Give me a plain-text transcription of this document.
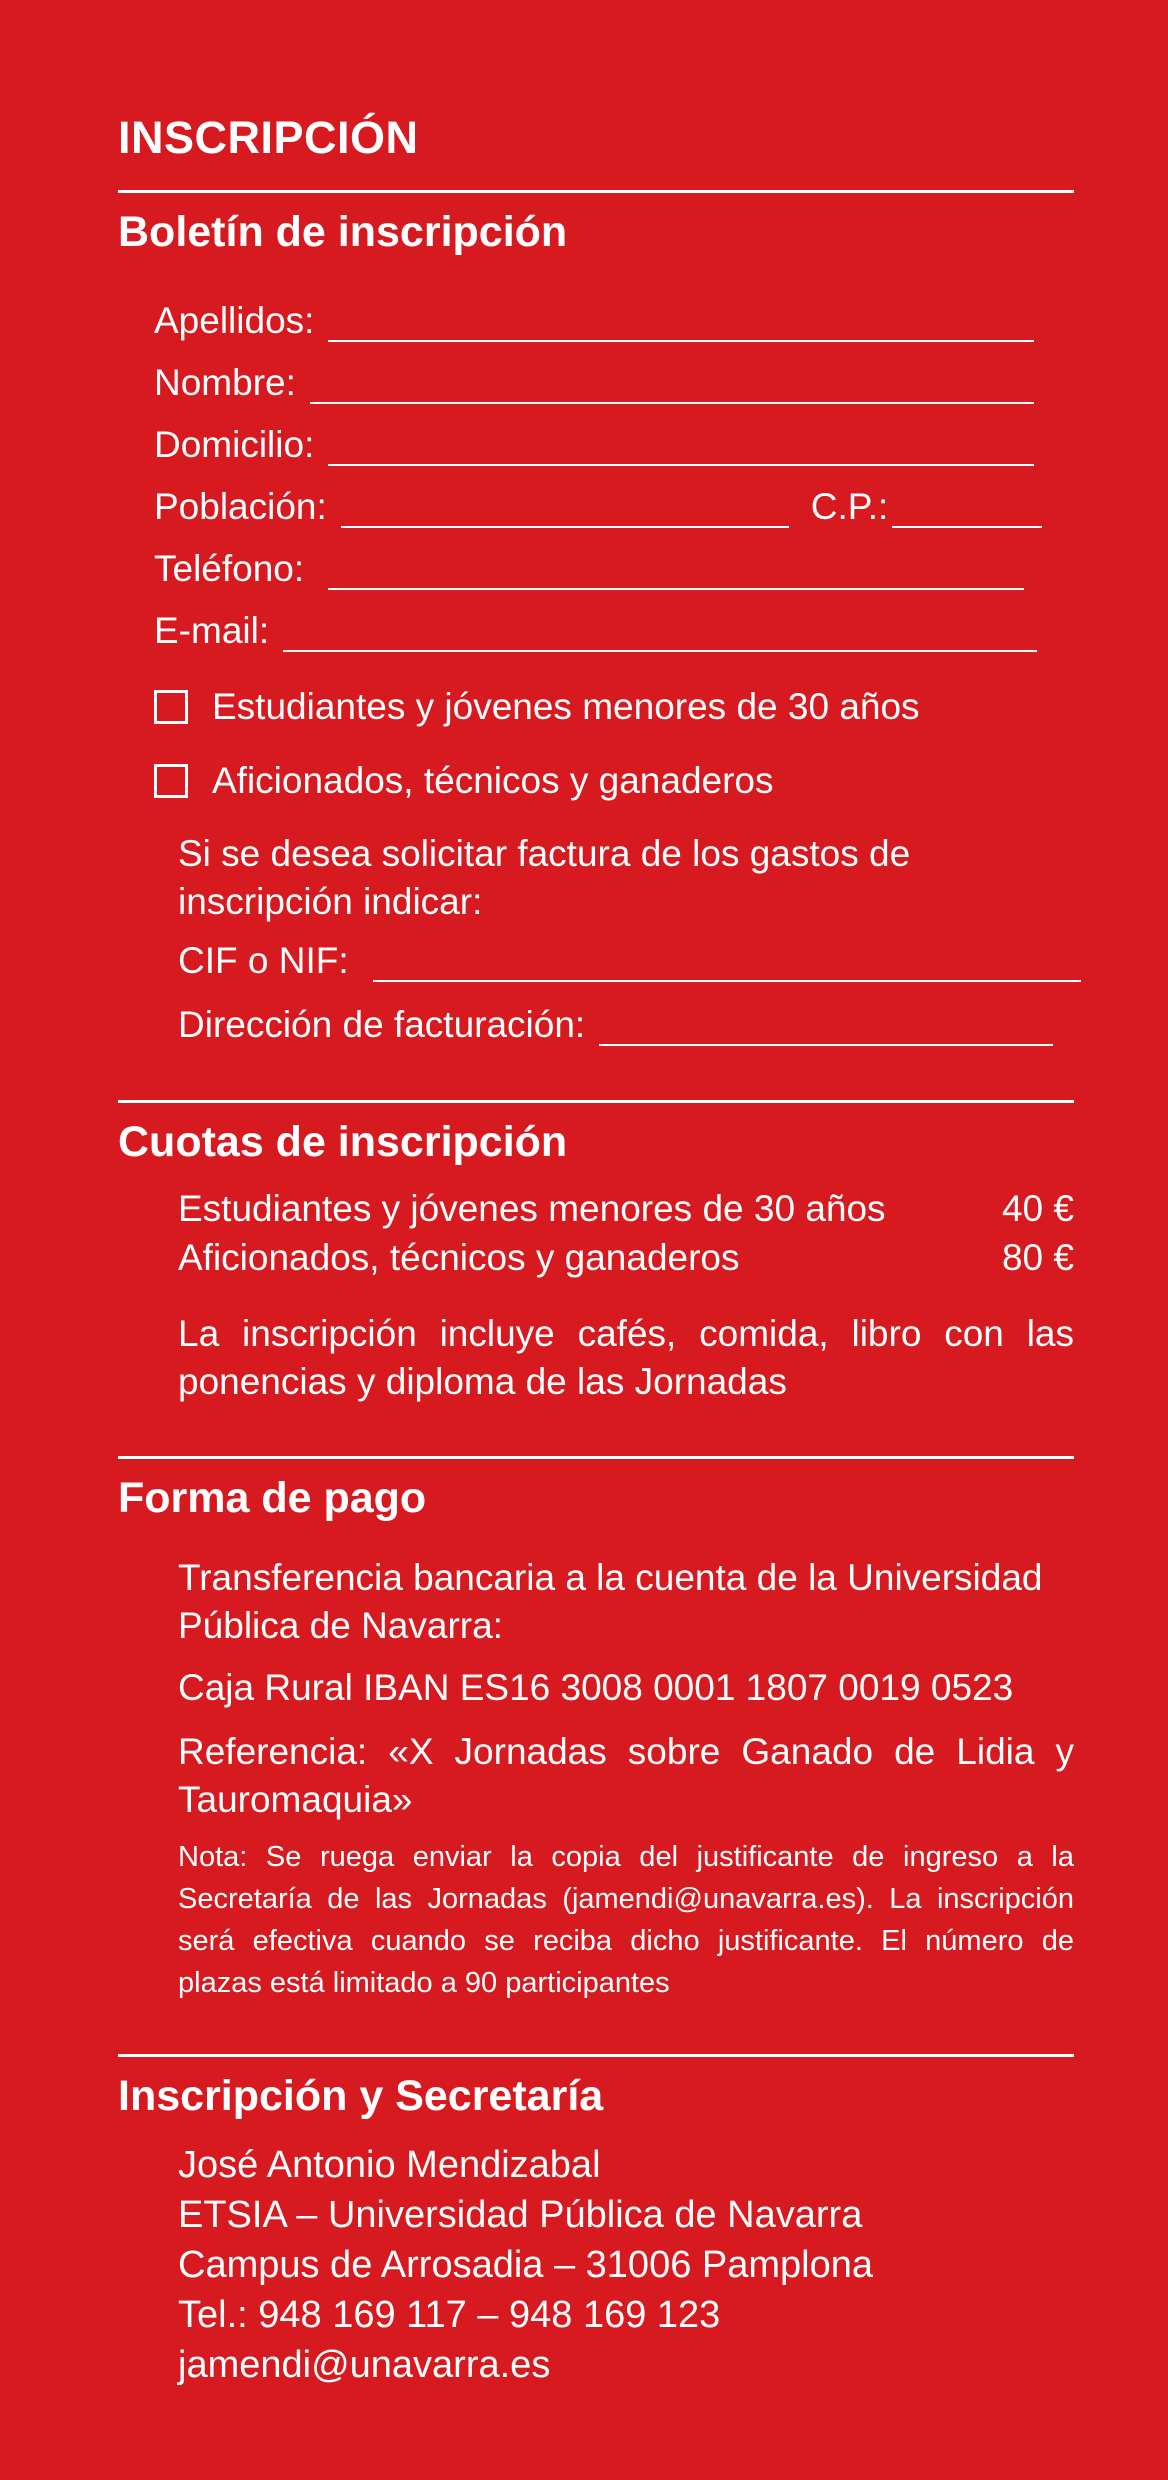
INSCRIPCIÓN
Boletín de inscripción
Apellidos:
Nombre:
Domicilio:
Población:	C.P.:
Teléfono:
E-mail:
Estudiantes y jóvenes menores de 30 años
Aficionados, técnicos y ganaderos

Si se desea solicitar factura de los gastos de inscripción indicar:

CIF o NIF:
Dirección de facturación:
Cuotas de inscripción
Estudiantes y jóvenes menores de 30 años	40 €
Aficionados, técnicos y ganaderos	80 €

La inscripción incluye cafés, comida, libro con las ponencias y diploma de las Jornadas

Forma de pago

Transferencia bancaria a la cuenta de la Universidad Pública de Navarra:

Caja Rural IBAN ES16 3008 0001 1807 0019 0523

Referencia: «X Jornadas sobre Ganado de Lidia y Tauromaquia»

Nota: Se ruega enviar la copia del justificante de ingreso a la Secretaría de las Jornadas (jamendi@unavarra.es). La inscripción será efectiva cuando se reciba dicho justificante. El número de plazas está limitado a 90 participantes

Inscripción y Secretaría
José Antonio Mendizabal
ETSIA – Universidad Pública de Navarra
Campus de Arrosadia – 31006 Pamplona
Tel.: 948 169 117 – 948 169 123
jamendi@unavarra.es
